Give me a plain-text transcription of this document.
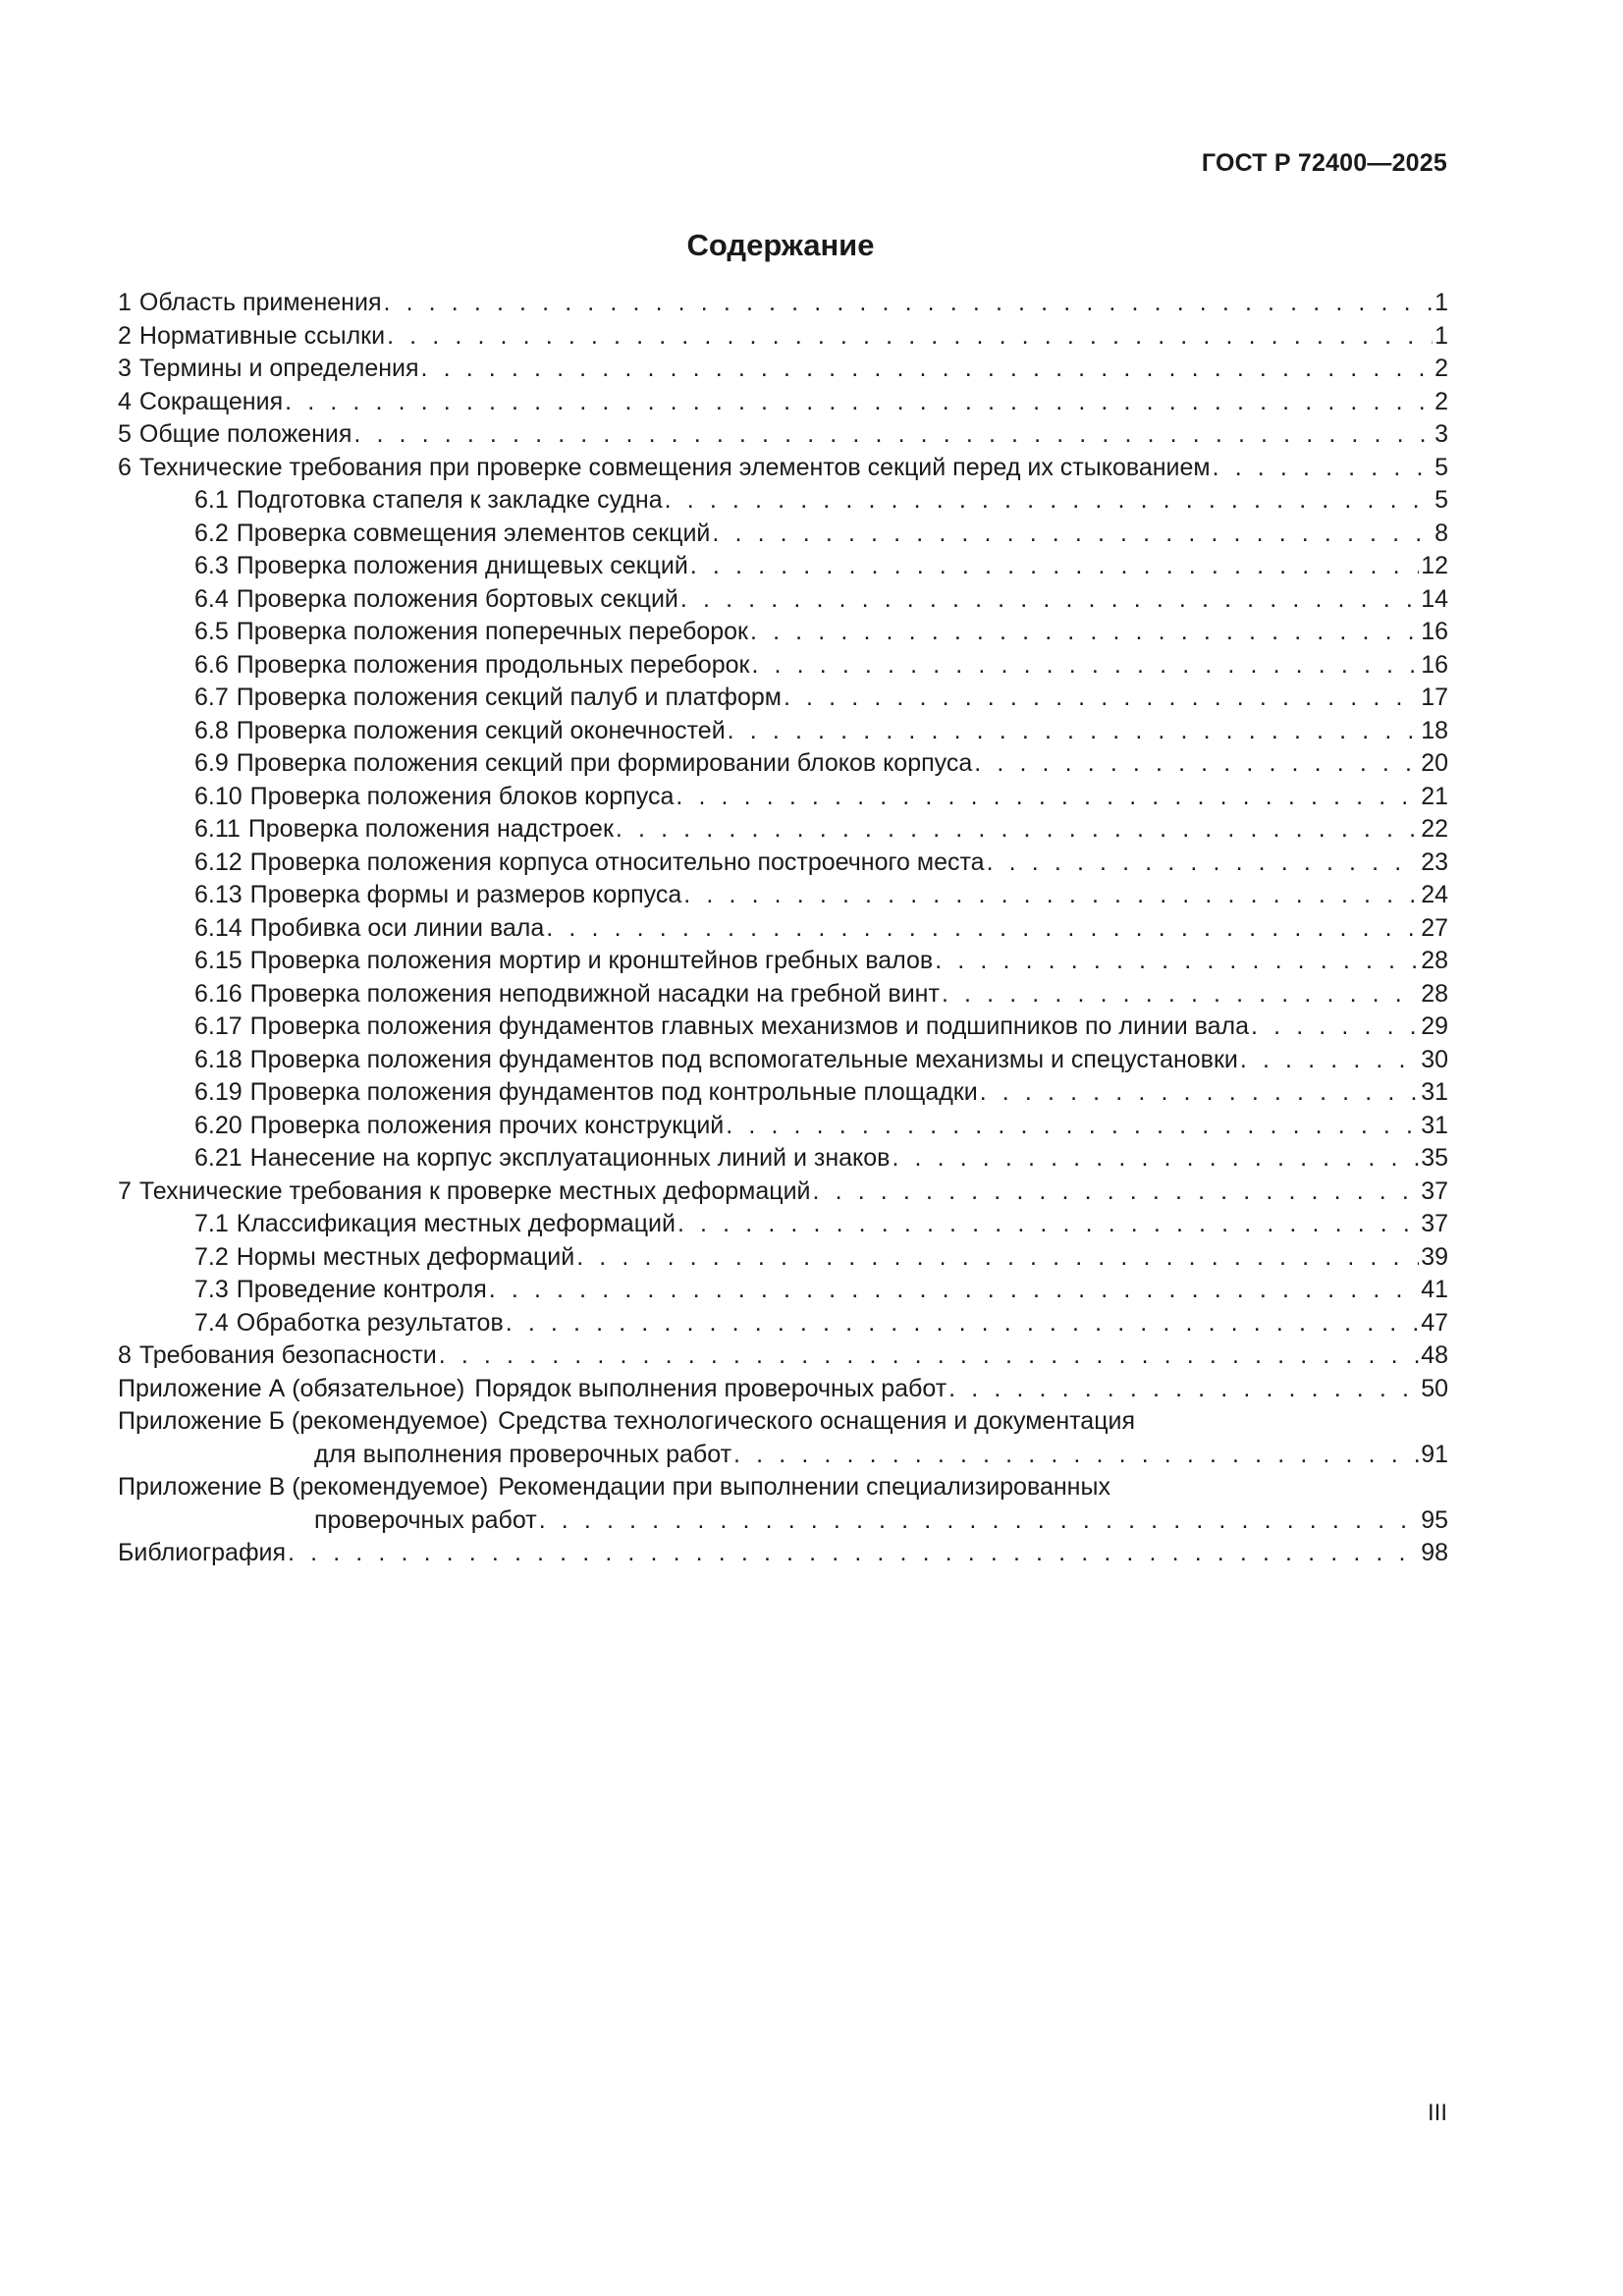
ГОСТ Р 72400—2025
Содержание
1 Область применения . . .	1
2 Нормативные ссылки . . .	1
3 Термины и определения . . .	2
4 Сокращения . . .	2
5 Общие положения . . .	3
6 Технические требования при проверке совмещения элементов секций перед их стыкованием . . .	5
6.1 Подготовка стапеля к закладке судна . . .	5
6.2 Проверка совмещения элементов секций . . .	8
6.3 Проверка положения днищевых секций . . .	12
6.4 Проверка положения бортовых секций . . .	14
6.5 Проверка положения поперечных переборок . . .	16
6.6 Проверка положения продольных переборок . . .	16
6.7 Проверка положения секций палуб и платформ . . .	17
6.8 Проверка положения секций оконечностей . . .	18
6.9 Проверка положения секций при формировании блоков корпуса . . .	20
6.10 Проверка положения блоков корпуса . . .	21
6.11 Проверка положения надстроек . . .	22
6.12 Проверка положения корпуса относительно построечного места . . .	23
6.13 Проверка формы и размеров корпуса . . .	24
6.14 Пробивка оси линии вала . . .	27
6.15 Проверка положения мортир и кронштейнов гребных валов . . .	28
6.16 Проверка положения неподвижной насадки на гребной винт . . .	28
6.17 Проверка положения фундаментов главных механизмов и подшипников по линии вала . . .	29
6.18 Проверка положения фундаментов под вспомогательные механизмы и спецустановки . . .	30
6.19 Проверка положения фундаментов под контрольные площадки . . .	31
6.20 Проверка положения прочих конструкций . . .	31
6.21 Нанесение на корпус эксплуатационных линий и знаков . . .	35
7 Технические требования к проверке местных деформаций . . .	37
7.1 Классификация местных деформаций . . .	37
7.2 Нормы местных деформаций . . .	39
7.3 Проведение контроля . . .	41
7.4 Обработка результатов . . .	47
8 Требования безопасности . . .	48
Приложение А (обязательное) Порядок выполнения проверочных работ . . .	50
Приложение Б (рекомендуемое) Средства технологического оснащения и документация
для выполнения проверочных работ . . .	91
Приложение В (рекомендуемое) Рекомендации при выполнении специализированных
проверочных работ . . .	95
Библиография . . .	98
III
